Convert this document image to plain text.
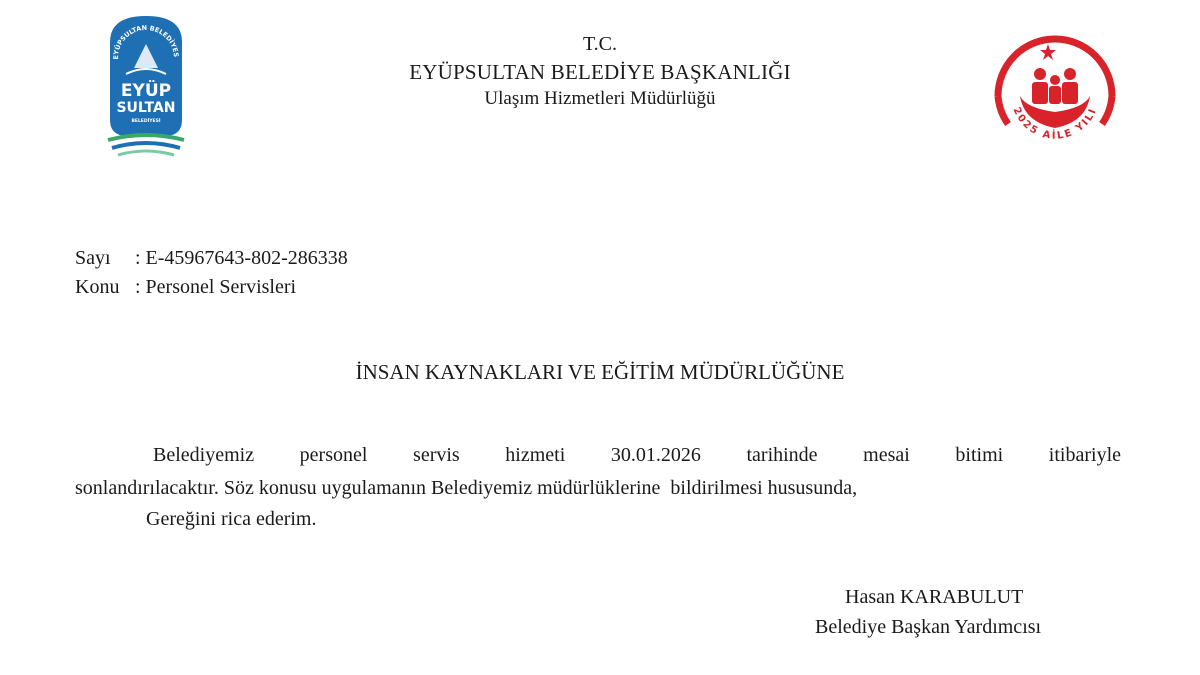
EYÜPSULTAN BELEDİYES
EYÜP
SULTAN
BELEDİYESİ
2025 AİLE YILI
T.C.
EYÜPSULTAN BELEDİYE BAŞKANLIĞI
Ulaşım Hizmetleri Müdürlüğü
Sayı : E-45967643-802-286338
Konu : Personel Servisleri
İNSAN KAYNAKLARI VE EĞİTİM MÜDÜRLÜĞÜNE
Belediyemiz personel servis hizmeti 30.01.2026 tarihinde mesai bitimi itibariyle
sonlandırılacaktır. Söz konusu uygulamanın Belediyemiz müdürlüklerine  bildirilmesi hususunda,
Gereğini rica ederim.
Hasan KARABULUT
Belediye Başkan Yardımcısı
